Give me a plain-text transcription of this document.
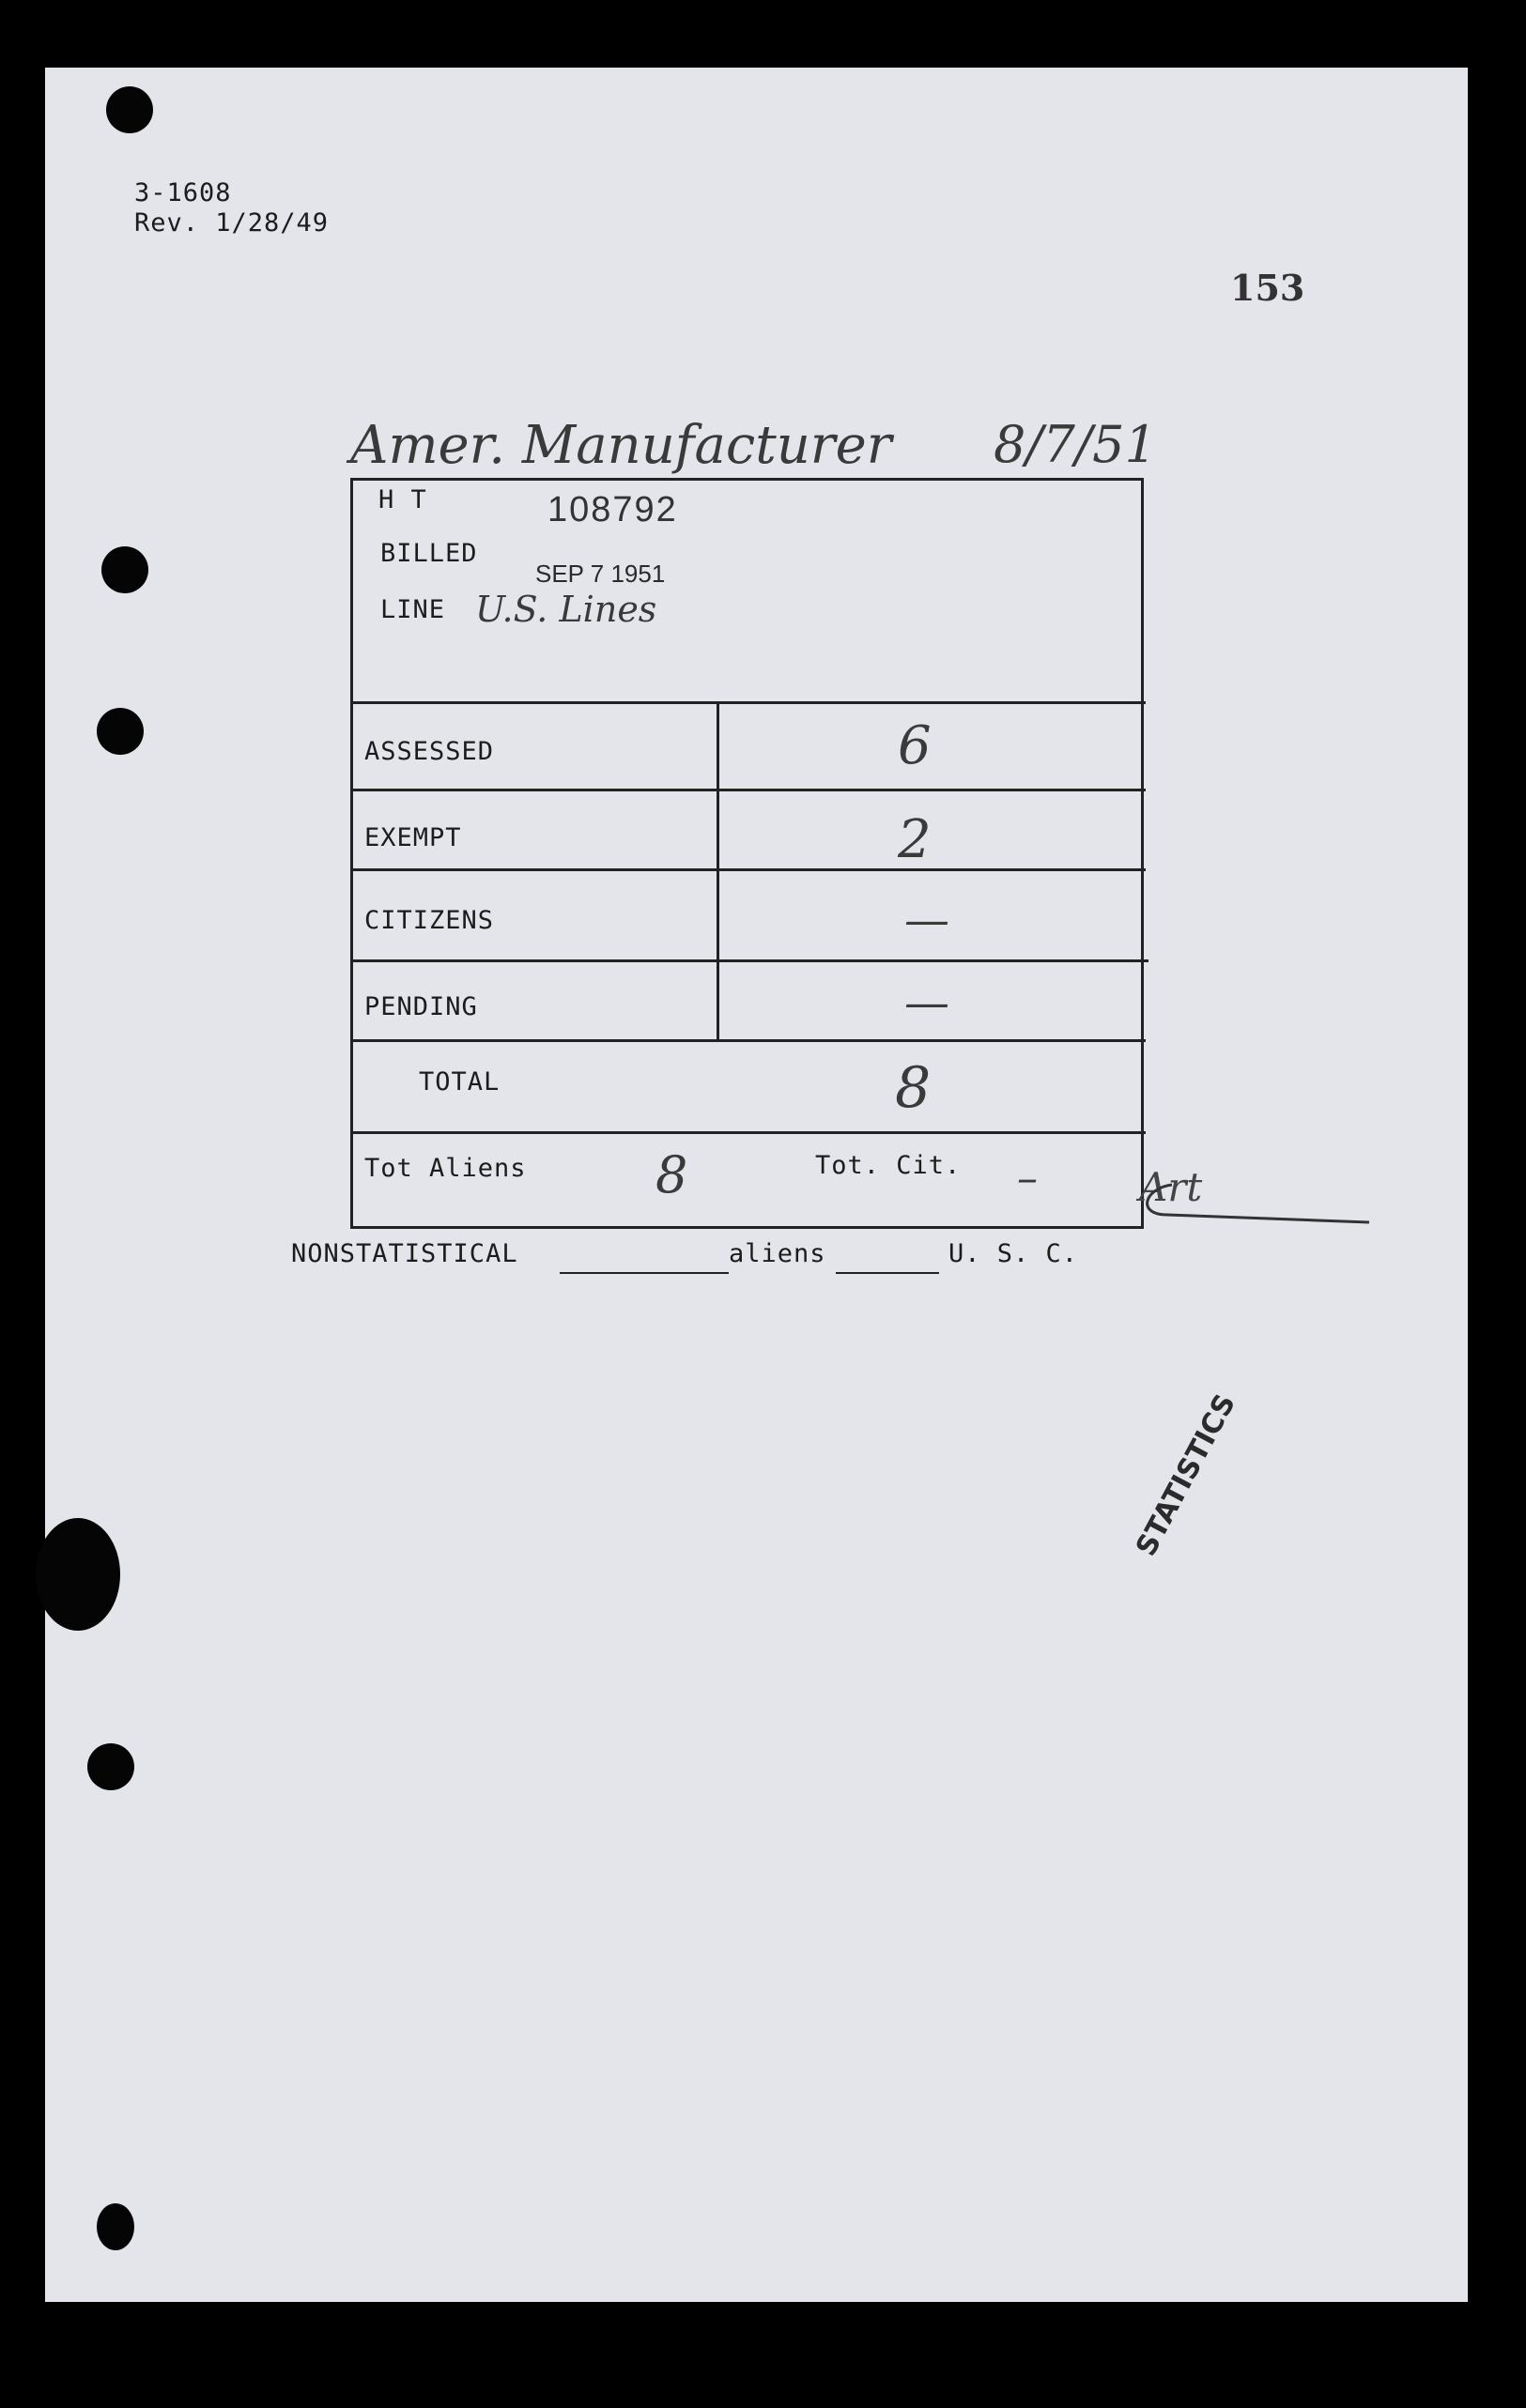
3-1608
Rev. 1/28/49
153
Amer. Manufacturer 8/7/51
H T	108792
BILLED
SEP 7 1951
LINE U.S. Lines
ASSESSED	6
EXEMPT	2
CITIZENS	—
PENDING	—
TOTAL	8
Tot Aliens	8	Tot. Cit. –	Art
NONSTATISTICAL	aliens	U. S. C.
STATISTICS
